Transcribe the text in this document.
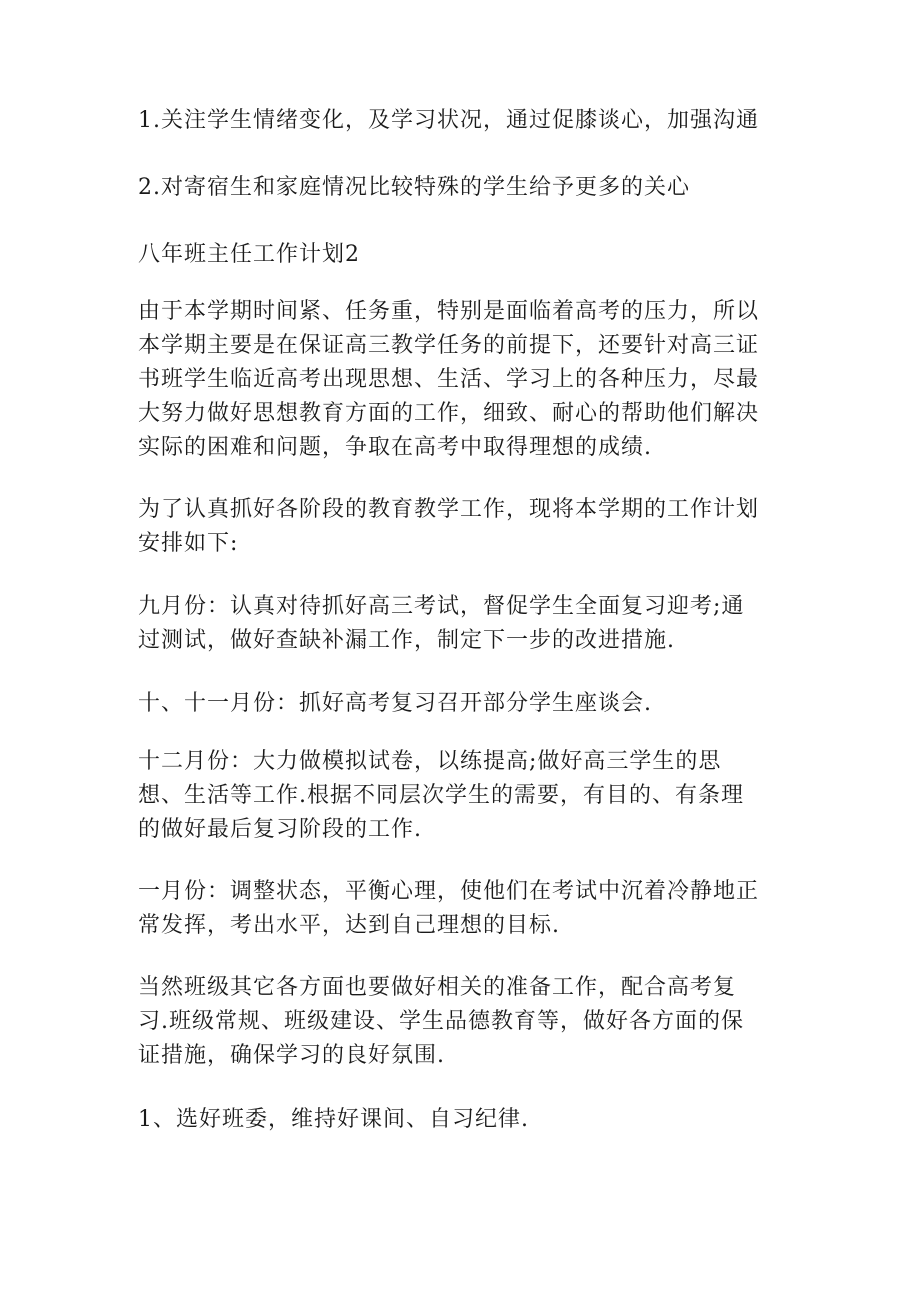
1.关注学生情绪变化，及学习状况，通过促膝谈心，加强沟通

2.对寄宿生和家庭情况比较特殊的学生给予更多的关心

八年班主任工作计划2

由于本学期时间紧、任务重，特别是面临着高考的压力，所以

本学期主要是在保证高三教学任务的前提下，还要针对高三证

书班学生临近高考出现思想、生活、学习上的各种压力，尽最

大努力做好思想教育方面的工作，细致、耐心的帮助他们解决

实际的困难和问题，争取在高考中取得理想的成绩.

为了认真抓好各阶段的教育教学工作，现将本学期的工作计划

安排如下:

九月份：认真对待抓好高三考试，督促学生全面复习迎考;通

过测试，做好查缺补漏工作，制定下一步的改进措施.

十、十一月份：抓好高考复习召开部分学生座谈会.

十二月份：大力做模拟试卷，以练提高;做好高三学生的思

想、生活等工作.根据不同层次学生的需要，有目的、有条理

的做好最后复习阶段的工作.

一月份：调整状态，平衡心理，使他们在考试中沉着冷静地正

常发挥，考出水平，达到自己理想的目标.

当然班级其它各方面也要做好相关的准备工作，配合高考复

习.班级常规、班级建设、学生品德教育等，做好各方面的保

证措施，确保学习的良好氛围.

1、选好班委，维持好课间、自习纪律.
